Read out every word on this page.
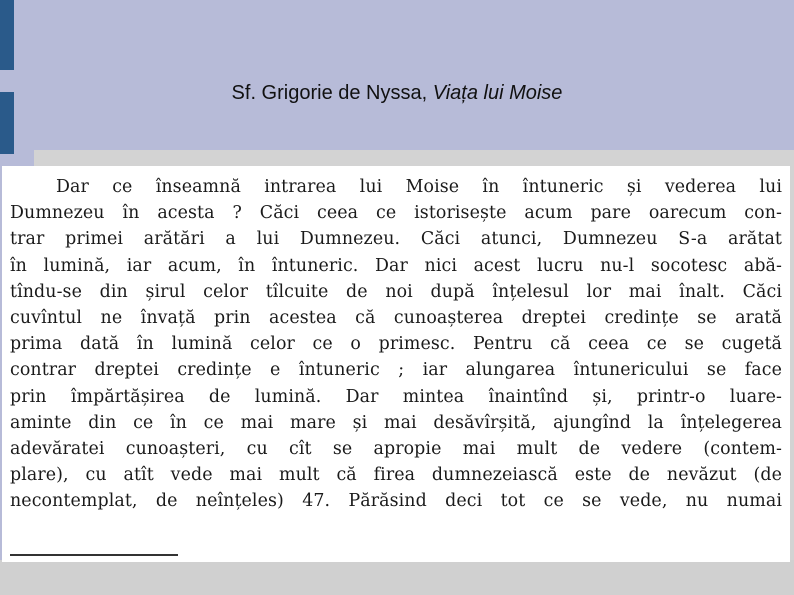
Sf. Grigorie de Nyssa, Viața lui Moise
Dar ce înseamnă intrarea lui Moise în întuneric și vederea lui
Dumnezeu în acesta ? Căci ceea ce istorisește acum pare oarecum con-
trar primei arătări a lui Dumnezeu. Căci atunci, Dumnezeu S-a arătat
în lumină, iar acum, în întuneric. Dar nici acest lucru nu-l socotesc abă-
tîndu-se din șirul celor tîlcuite de noi după înțelesul lor mai înalt. Căci
cuvîntul ne învață prin acestea că cunoașterea dreptei credințe se arată
prima dată în lumină celor ce o primesc. Pentru că ceea ce se cugetă
contrar dreptei credințe e întuneric ; iar alungarea întunericului se face
prin împărtășirea de lumină. Dar mintea înaintînd și, printr-o luare-
aminte din ce în ce mai mare și mai desăvîrșită, ajungînd la înțelegerea
adevăratei cunoașteri, cu cît se apropie mai mult de vedere (contem-
plare), cu atît vede mai mult că firea dumnezeiască este de nevăzut (de
necontemplat, de neînțeles) 47. Părăsind deci tot ce se vede, nu numai
